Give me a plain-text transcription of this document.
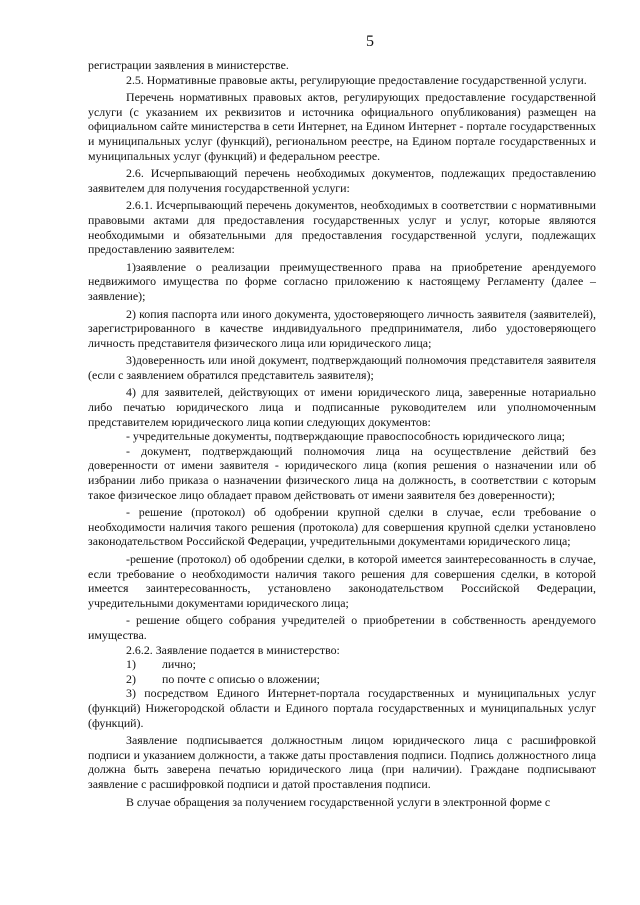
5

регистрации заявления в министерстве.

2.5. Нормативные правовые акты, регулирующие предоставление государственной услуги.

Перечень нормативных правовых актов, регулирующих предоставление государственной услуги (с указанием их реквизитов и источника официального опубликования) размещен на официальном сайте министерства в сети Интернет, на Едином Интернет - портале государственных и муниципальных услуг (функций), региональном реестре, на Едином портале государственных и муниципальных услуг (функций) и федеральном реестре.

2.6. Исчерпывающий перечень необходимых документов, подлежащих предоставлению заявителем для получения государственной услуги:

2.6.1. Исчерпывающий перечень документов, необходимых в соответствии с нормативными правовыми актами для предоставления государственных услуг и услуг, которые являются необходимыми и обязательными для предоставления государственной услуги, подлежащих предоставлению заявителем:

1)заявление о реализации преимущественного права на приобретение арендуемого недвижимого имущества по форме согласно приложению к настоящему Регламенту (далее – заявление);

2) копия паспорта или иного документа, удостоверяющего личность заявителя (заявителей), зарегистрированного в качестве индивидуального предпринимателя, либо удостоверяющего личность представителя физического лица или юридического лица;

3)доверенность или иной документ, подтверждающий полномочия представителя заявителя (если с заявлением обратился представитель заявителя);

4) для заявителей, действующих от имени юридического лица, заверенные нотариально либо печатью юридического лица и подписанные руководителем или уполномоченным представителем юридического лица копии следующих документов:

- учредительные документы, подтверждающие правоспособность юридического лица;

- документ, подтверждающий полномочия лица на осуществление действий без доверенности от имени заявителя - юридического лица (копия решения о назначении или об избрании либо приказа о назначении физического лица на должность, в соответствии с которым такое физическое лицо обладает правом действовать от имени заявителя без доверенности);

- решение (протокол) об одобрении крупной сделки в случае, если требование о необходимости наличия такого решения (протокола) для совершения крупной сделки установлено законодательством Российской Федерации, учредительными документами юридического лица;

-решение (протокол) об одобрении сделки, в которой имеется заинтересованность в случае, если требование о необходимости наличия такого решения для совершения сделки, в которой имеется заинтересованность, установлено законодательством Российской Федерации, учредительными документами юридического лица;

- решение общего собрания учредителей о приобретении в собственность арендуемого имущества.

2.6.2. Заявление подается в министерство:

1)	лично;
2)	по почте с описью о вложении;

3) посредством Единого Интернет-портала государственных и муниципальных услуг (функций) Нижегородской области и Единого портала государственных и муниципальных услуг (функций).

Заявление подписывается должностным лицом юридического лица с расшифровкой подписи и указанием должности, а также даты проставления подписи. Подпись должностного лица должна быть заверена печатью юридического лица (при наличии). Граждане подписывают заявление с расшифровкой подписи и датой проставления подписи.

В случае обращения за получением государственной услуги в электронной форме с
